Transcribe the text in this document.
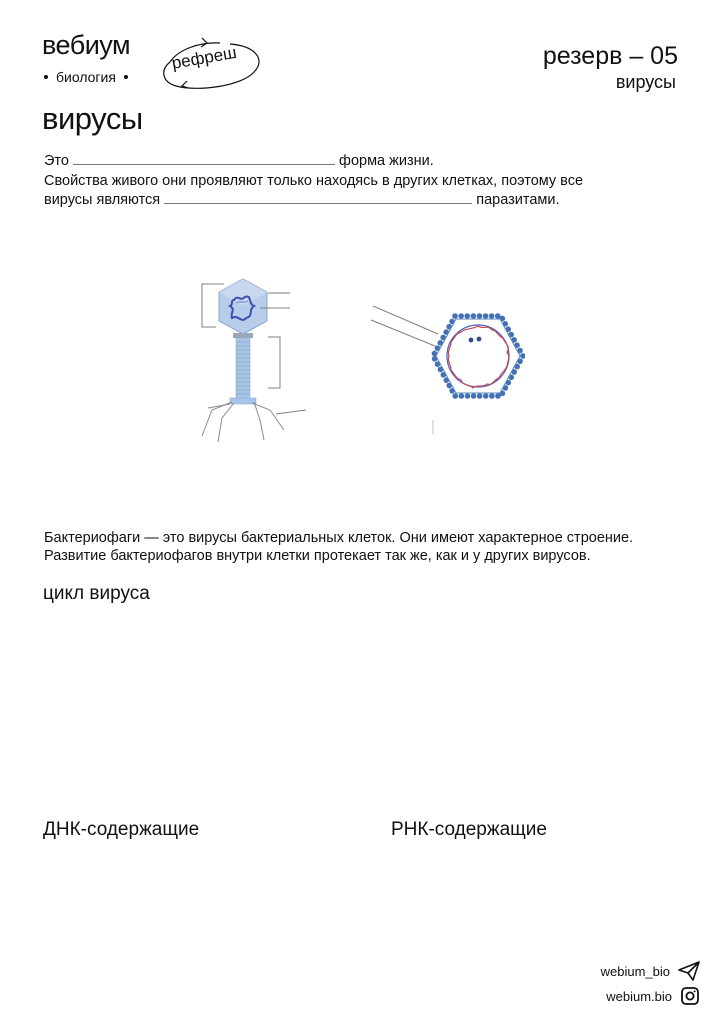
вебиум
биология
рефреш	резерв – 05
вирусы
вирусы
Это	форма жизни.
Свойства живого они проявляют только находясь в других клетках, поэтому все
вирусы являются	паразитами.
Бактериофаги — это вирусы бактериальных клеток. Они имеют характерное строение.
Развитие бактериофагов внутри клетки протекает так же, как и у других вирусов.
цикл вируса
ДНК-содержащие	РНК-содержащие
webium_bio
webium.bio
